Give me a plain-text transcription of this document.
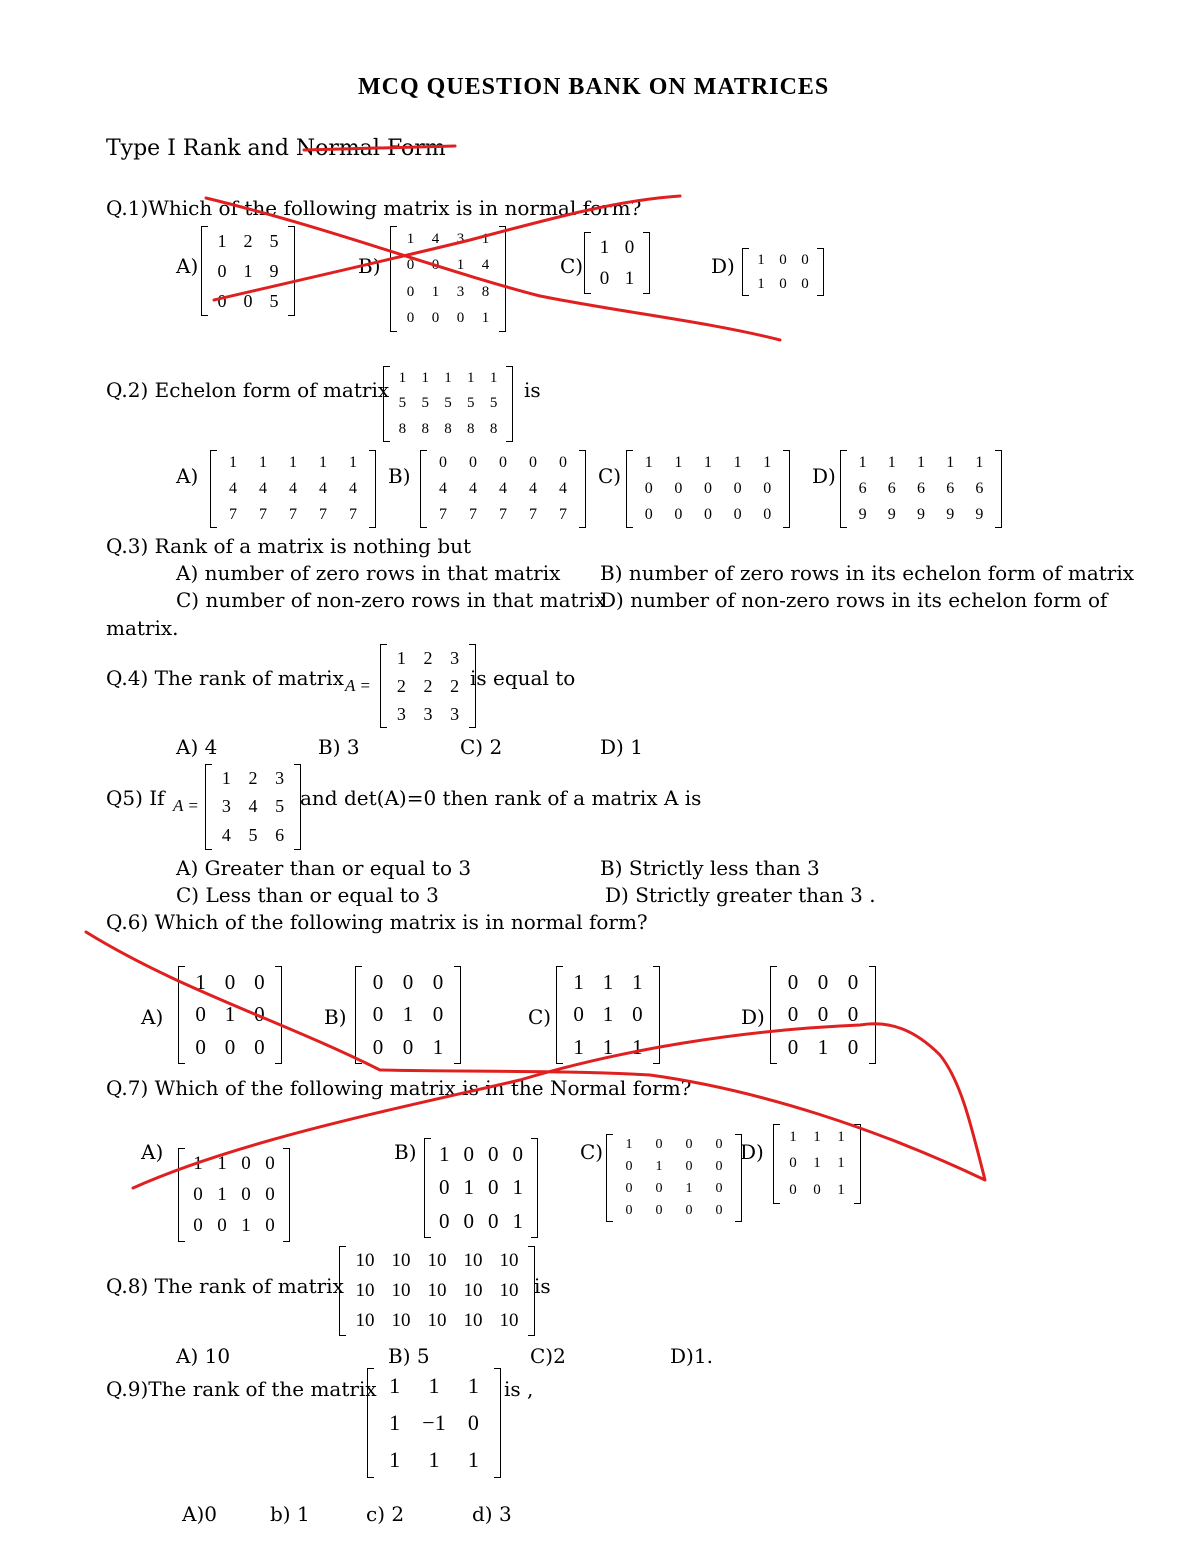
MCQ QUESTION BANK ON MATRICES
Type I Rank and Normal Form
Q.1)Which of the following matrix is in normal form?
A)
1 2 5
0 1 9
0 0 5
B)
1 4 3 1
0 0 1 4
0 1 3 8
0 0 0 1
C)
1 0
0 1	D) 1 0 0
1 0 0
Q.2) Echelon form of matrix 1 1 1 1 1
5 5 5 5 5
8 8 8 8 8
is
A)
1 1 1 1 1
4 4 4 4 4
7 7 7 7 7
B)
0 0 0 0 0
4 4 4 4 4
7 7 7 7 7
C)
1 1 1 1 1
0 0 0 0 0
0 0 0 0 0
D)
1 1 1 1 1
6 6 6 6 6
9 9 9 9 9
Q.3) Rank of a matrix is nothing but
A) number of zero rows in that matrix B) number of zero rows in its echelon form of matrix
C) number of non-zero rows in that matrix
D) number of non-zero rows in its echelon form of
matrix.
Q.4) The rank of matrix A =
1 2 3
2 2 2
3 3 3
is equal to
A) 4	B) 3	C) 2	D) 1
Q5) If A =
1 2 3
3 4 5
4 5 6
and det(A)=0 then rank of a matrix A is
A) Greater than or equal to 3	B) Strictly less than 3
C) Less than or equal to 3	D) Strictly greater than 3 .
Q.6) Which of the following matrix is in normal form?
A)
1 0 0
0 1 0
0 0 0
B)
0 0 0
0 1 0
0 0 1
C)
1 1 1
0 1 0
1 1 1
D)
0 0 0
0 0 0
0 1 0
Q.7) Which of the following matrix is in the Normal form?
A) 1 1 0 0
0 1 0 0
0 0 1 0
B) 1 0 0 0
0 1 0 1
0 0 0 1
C) 1 0 0 0
0 1 0 0
0 0 1 0
0 0 0 0
D)
1 1 1
0 1 1
0 0 1
Q.8) The rank of matrix
10 10 10 10 10
10 10 10 10 10
10 10 10 10 10
is
A) 10	B) 5	C)2	D)1.
Q.9)The rank of the matrix 1 1 1
1 −1 0
1 1 1
is ,
A)0	b) 1	c) 2	d) 3
